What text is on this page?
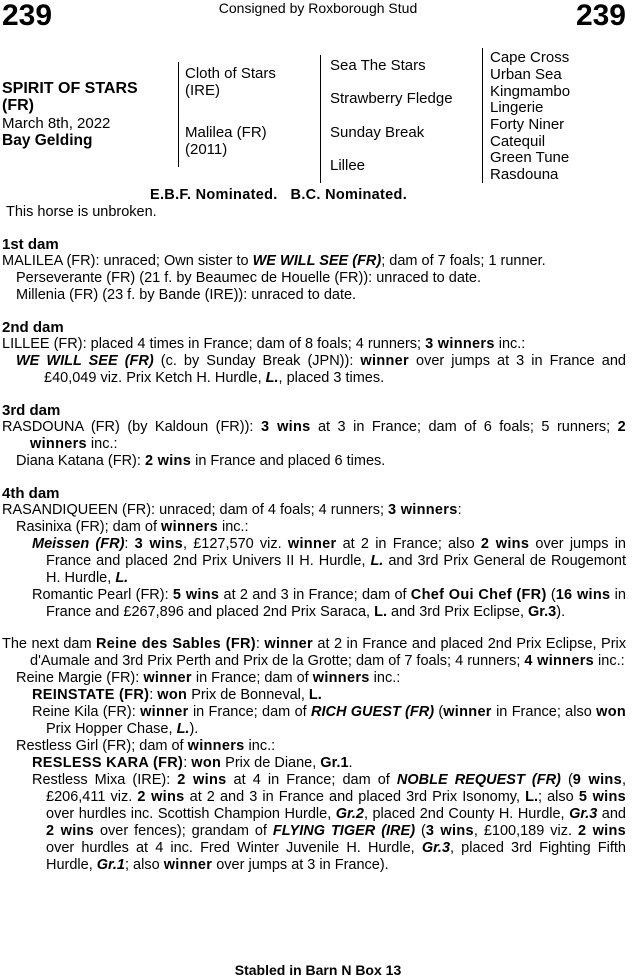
239	Consigned by Roxborough Stud	239
SPIRIT OF STARS
(FR)
March 8th, 2022
Bay Gelding
Cloth of Stars
(IRE)
Malilea (FR)
(2011)
Sea The Stars
Strawberry Fledge
Sunday Break
Lillee
Cape Cross
Urban Sea
Kingmambo
Lingerie
Forty Niner
Catequil
Green Tune
Rasdouna
E.B.F. Nominated.   B.C. Nominated.
This horse is unbroken.

1st dam

MALILEA (FR): unraced; Own sister to WE WILL SEE (FR); dam of 7 foals; 1 runner.

Perseverante (FR) (21 f. by Beaumec de Houelle (FR)): unraced to date.

Millenia (FR) (23 f. by Bande (IRE)): unraced to date.

2nd dam

LILLEE (FR): placed 4 times in France; dam of 8 foals; 4 runners; 3 winners inc.:

WE WILL SEE (FR) (c. by Sunday Break (JPN)): winner over jumps at 3 in France and £40,049 viz. Prix Ketch H. Hurdle, L., placed 3 times.

3rd dam

RASDOUNA (FR) (by Kaldoun (FR)): 3 wins at 3 in France; dam of 6 foals; 5 runners; 2 winners inc.:

Diana Katana (FR): 2 wins in France and placed 6 times.

4th dam

RASANDIQUEEN (FR): unraced; dam of 4 foals; 4 runners; 3 winners:

Rasinixa (FR); dam of winners inc.:

Meissen (FR): 3 wins, £127,570 viz. winner at 2 in France; also 2 wins over jumps in France and placed 2nd Prix Univers II H. Hurdle, L. and 3rd Prix General de Rougemont H. Hurdle, L.

Romantic Pearl (FR): 5 wins at 2 and 3 in France; dam of Chef Oui Chef (FR) (16 wins in France and £267,896 and placed 2nd Prix Saraca, L. and 3rd Prix Eclipse, Gr.3).

The next dam Reine des Sables (FR): winner at 2 in France and placed 2nd Prix Eclipse, Prix d'Aumale and 3rd Prix Perth and Prix de la Grotte; dam of 7 foals; 4 runners; 4 winners inc.:

Reine Margie (FR): winner in France; dam of winners inc.:

REINSTATE (FR): won Prix de Bonneval, L.

Reine Kila (FR): winner in France; dam of RICH GUEST (FR) (winner in France; also won Prix Hopper Chase, L.).

Restless Girl (FR); dam of winners inc.:

RESLESS KARA (FR): won Prix de Diane, Gr.1.

Restless Mixa (IRE): 2 wins at 4 in France; dam of NOBLE REQUEST (FR) (9 wins, £206,411 viz. 2 wins at 2 and 3 in France and placed 3rd Prix Isonomy, L.; also 5 wins over hurdles inc. Scottish Champion Hurdle, Gr.2, placed 2nd County H. Hurdle, Gr.3 and 2 wins over fences); grandam of FLYING TIGER (IRE) (3 wins, £100,189 viz. 2 wins over hurdles at 4 inc. Fred Winter Juvenile H. Hurdle, Gr.3, placed 3rd Fighting Fifth Hurdle, Gr.1; also winner over jumps at 3 in France).

Stabled in Barn N Box 13
